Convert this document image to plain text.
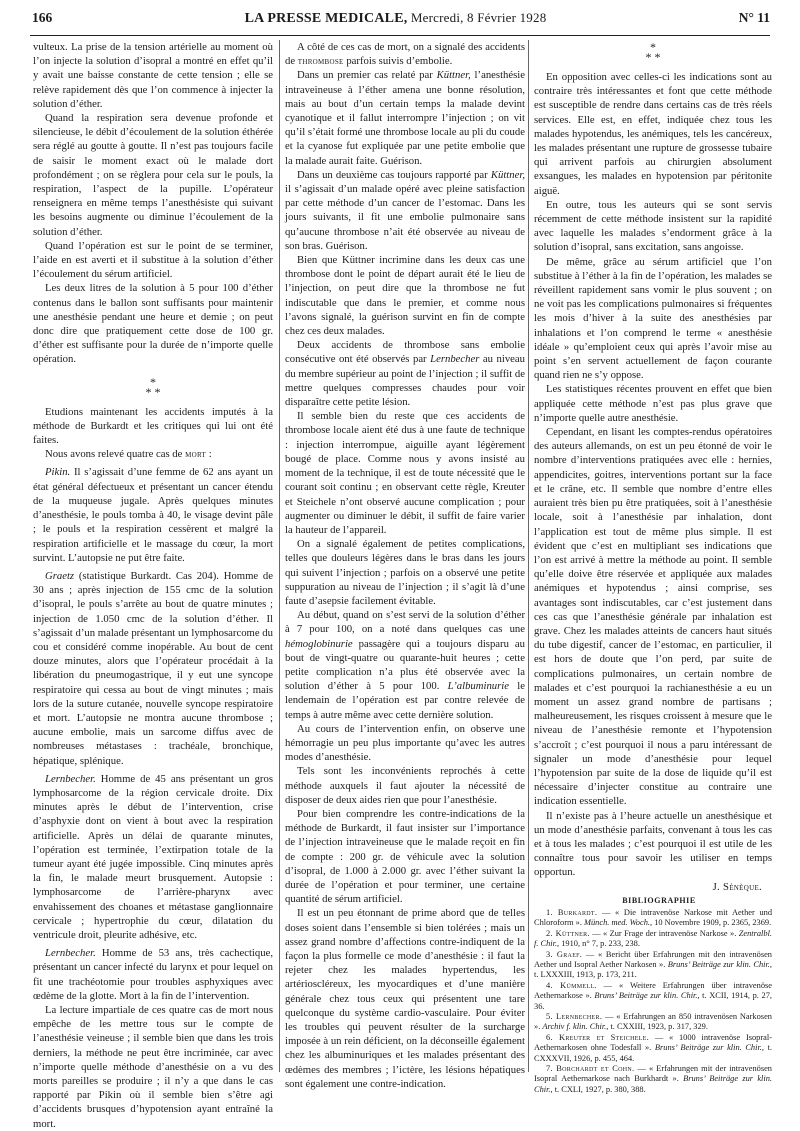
166	LA PRESSE MEDICALE, Mercredi, 8 Février 1928	N° 11

vulteux. La prise de la tension artérielle au moment où l’on injecte la solution d’isopral a montré en effet qu’il y avait une baisse constante de cette tension ; elle se relève rapidement dès que l’on commence à injecter la solution d’éther.

Quand la respiration sera devenue profonde et silencieuse, le débit d’écoulement de la solution éthérée sera réglé au goutte à goutte. Il n’est pas toujours facile de saisir le moment exact où le malade dort profondément ; on se règlera pour cela sur le pouls, la respiration, l’aspect de la pupille. L’opérateur renseignera en même temps l’anesthésiste qui suivant les besoins augmente ou diminue l’écoulement de la solution d’éther.

Quand l’opération est sur le point de se terminer, l’aide en est averti et il substitue à la solution d’éther l’écoulement du sérum artificiel.

Les deux litres de la solution à 5 pour 100 d’éther contenus dans le ballon sont suffisants pour maintenir une anesthésie pendant une heure et demie ; on peut donc dire que pratiquement cette dose de 100 gr. d’éther est suffisante pour la durée de n’importe quelle opération.

*
* *

Etudions maintenant les accidents imputés à la méthode de Burkardt et les critiques qui lui ont été faites.

Nous avons relevé quatre cas de mort :

Pikin. Il s’agissait d’une femme de 62 ans ayant un état général défectueux et présentant un cancer étendu de la muqueuse jugale. Après quelques minutes d’anesthésie, le pouls tomba à 40, le visage devint pâle ; le pouls et la respiration cessèrent et malgré la respiration artificielle et le massage du cœur, la mort survint. L’autopsie ne put être faite.

Graetz (statistique Burkardt. Cas 204). Homme de 30 ans ; après injection de 155 cmc de la solution d’isopral, le pouls s’arrête au bout de quatre minutes ; injection de 1.050 cmc de la solution d’éther. Il s’agissait d’un malade présentant un lymphosarcome du cou et considéré comme inopérable. Au bout de cent douze minutes, alors que l’opérateur procédait à la libération du pneumogastrique, il y eut une syncope respiratoire qui cessa au bout de vingt minutes ; mais lors de la suture cutanée, nouvelle syncope respiratoire et mort. L’autopsie ne montra aucune thrombose ; aucune embolie, mais un sarcome diffus avec de nombreuses métastases : trachéale, bronchique, hépatique, splénique.

Lernbecher. Homme de 45 ans présentant un gros lymphosarcome de la région cervicale droite. Dix minutes après le début de l’intervention, crise d’asphyxie dont on vient à bout avec la respiration artificielle. Après un délai de quarante minutes, l’opération est terminée, l’extirpation totale de la tumeur ayant été jugée impossible. Cinq minutes après la fin, le malade meurt brusquement. Autopsie : lymphosarcome de l’arrière-pharynx avec envahissement des choanes et métastase ganglionnaire cervicale ; hypertrophie du cœur, dilatation du ventricule droit, pleurite adhésive, etc.

Lernbecher. Homme de 53 ans, très cachectique, présentant un cancer infecté du larynx et pour lequel on fit une trachéotomie pour troubles asphyxiques avec œdème de la glotte. Mort à la fin de l’intervention.

La lecture impartiale de ces quatre cas de mort nous empêche de les mettre tous sur le compte de l’anesthésie veineuse ; il semble bien que dans les trois derniers, la méthode ne peut être incriminée, car avec n’importe quelle méthode d’anesthésie on a vu des morts pareilles se produire ; il n’y a que dans le cas rapporté par Pikin où il semble bien s’être agi d’accidents brusques d’hypotension ayant entraîné la mort.

A côté de ces cas de mort, on a signalé des accidents de thrombose parfois suivis d’embolie.

Dans un premier cas relaté par Küttner, l’anesthésie intraveineuse à l’éther amena une bonne résolution, mais au bout d’un certain temps la malade devint cyanotique et il fallut interrompre l’injection ; on vit qu’il s’était formé une thrombose locale au pli du coude et la cyanose fut expliquée par une petite embolie que la malade aurait faite. Guérison.

Dans un deuxième cas toujours rapporté par Küttner, il s’agissait d’un malade opéré avec pleine satisfaction par cette méthode d’un cancer de l’estomac. Dans les jours suivants, il fit une embolie pulmonaire sans qu’aucune thrombose n’ait été observée au niveau de son bras. Guérison.

Bien que Küttner incrimine dans les deux cas une thrombose dont le point de départ aurait été le lieu de l’injection, on peut dire que la thrombose ne fut indiscutable que dans le premier, et comme nous l’avons signalé, la guérison survint en fin de compte chez ces deux malades.

Deux accidents de thrombose sans embolie consécutive ont été observés par Lernbecher au niveau du membre supérieur au point de l’injection ; il suffit de mettre quelques compresses chaudes pour voir disparaître cette petite lésion.

Il semble bien du reste que ces accidents de thrombose locale aient été dus à une faute de technique : injection interrompue, aiguille ayant légèrement bougé de place. Comme nous y avons insisté au moment de la technique, il est de toute nécessité que le courant soit continu ; en observant cette règle, Kreuter et Steichele n’ont observé aucune complication ; pour augmenter ou diminuer le débit, il suffit de faire varier la hauteur de l’appareil.

On a signalé également de petites complications, telles que douleurs légères dans le bras dans les jours qui suivent l’injection ; parfois on a observé une petite suppuration au niveau de l’injection ; il s’agit là d’une faute d’asepsie facilement évitable.

Au début, quand on s’est servi de la solution d’éther à 7 pour 100, on a noté dans quelques cas une hémoglobinurie passagère qui a toujours disparu au bout de vingt-quatre ou quarante-huit heures ; cette petite complication n’a plus été observée avec la solution d’éther à 5 pour 100. L’albuminurie le lendemain de l’opération est par contre relevée de temps à autre même avec cette dernière solution.

Au cours de l’intervention enfin, on observe une hémorragie un peu plus importante qu’avec les autres modes d’anesthésie.

Tels sont les inconvénients reprochés à cette méthode auxquels il faut ajouter la nécessité de disposer de deux aides rien que pour l’anesthésie.

Pour bien comprendre les contre-indications de la méthode de Burkardt, il faut insister sur l’importance de l’injection intraveineuse que le malade reçoit en fin de compte : 200 gr. de véhicule avec la solution d’isopral, de 1.000 à 2.000 gr. avec l’éther suivant la durée de l’opération et pour terminer, une certaine quantité de sérum artificiel.

Il est un peu étonnant de prime abord que de telles doses soient dans l’ensemble si bien tolérées ; mais un assez grand nombre d’affections contre-indiquent de la façon la plus formelle ce mode d’anesthésie : il faut la rejeter chez les malades hypertendus, les artérioscléreux, les myocardiques et d’une manière générale chez tous ceux qui présentent une tare quelconque du système cardio-vasculaire. Pour éviter les troubles qui peuvent résulter de la surcharge imposée à un rein déficient, on la déconseille également chez les albuminuriques et les malades présentant des œdèmes des membres ; l’ictère, les lésions hépatiques sont également une contre-indication.

*
* *

En opposition avec celles-ci les indications sont au contraire très intéressantes et font que cette méthode est susceptible de rendre dans certains cas de très réels services. Elle est, en effet, indiquée chez tous les malades hypotendus, les anémiques, tels les cancéreux, les malades présentant une rupture de grossesse tubaire qui arrivent parfois au chirurgien absolument exsangues, les malades en hypotension par péritonite aiguë.

En outre, tous les auteurs qui se sont servis récemment de cette méthode insistent sur la rapidité avec laquelle les malades s’endorment grâce à la solution d’isopral, sans excitation, sans angoisse.

De même, grâce au sérum artificiel que l’on substitue à l’éther à la fin de l’opération, les malades se réveillent rapidement sans vomir le plus souvent ; on ne voit pas les complications pulmonaires si fréquentes les mois d’hiver à la suite des anesthésies par inhalations et l’on comprend le terme « anesthésie idéale » qu’emploient ceux qui après l’avoir mise au point s’en servent actuellement de façon courante quand rien ne s’y oppose.

Les statistiques récentes prouvent en effet que bien appliquée cette méthode n’est pas plus grave que n’importe quelle autre anesthésie.

Cependant, en lisant les comptes-rendus opératoires des auteurs allemands, on est un peu étonné de voir le nombre d’interventions pratiquées avec elle : hernies, appendicites, goitres, interventions portant sur la face et le crâne, etc. Il semble que nombre d’entre elles auraient très bien pu être pratiquées, soit à l’anesthésie locale, soit à l’anesthésie par inhalation, dont l’application est tout de même plus simple. Il est évident que c’est en multipliant ses indications que l’on est arrivé à mettre la méthode au point. Il semble qu’elle doive être réservée et appliquée aux malades anémiques et hypotendus ; ainsi comprise, ses avantages sont indiscutables, car c’est justement dans ces cas que l’anesthésie générale par inhalation est grave. Chez les malades atteints de cancers haut situés du tube digestif, cancer de l’estomac, en particulier, il est hors de doute que l’on perd, par suite de complications pulmonaires, un certain nombre de malades et c’est pourquoi la rachianesthésie a eu un moment un assez grand nombre de partisans ; malheureusement, les risques croissent à mesure que le niveau de l’anesthésie remonte et l’hypotension s’accroît ; c’est pourquoi il nous a paru intéressant de signaler un mode d’anesthésie pour lequel l’hypotension par suite de la dose de liquide qu’il est nécessaire d’injecter constitue au contraire une indication essentielle.

Il n’existe pas à l’heure actuelle un anesthésique et un mode d’anesthésie parfaits, convenant à tous les cas et à tous les malades ; c’est pourquoi il est utile de les connaître tous pour savoir les utiliser en temps opportun.

J. Sénèque.

BIBLIOGRAPHIE

1. Burkardt. — « Die intravenöse Narkose mit Aether und Chloroform ». Münch. med. Woch., 10 Novembre 1909, p. 2365, 2369.

2. Küttner. — « Zur Frage der intravenöse Narkose ». Zentralbl. f. Chir., 1910, n° 7, p. 233, 238.

3. Graef. — « Bericht über Erfahrungen mit den intravenösen Aether und Isopral Aether Narkosen ». Bruns’ Beiträge zur klin. Chir., t. LXXXIII, 1913, p. 173, 211.

4. Kümmell. — « Weitere Erfahrungen über intravenöse Aethernarkose ». Bruns’ Beiträge zur klin. Chir., t. XCII, 1914, p. 27, 36.

5. Lernbecher. — « Erfahrungen an 850 intravenösen Narkosen ». Archiv f. klin. Chir., t. CXXIII, 1923, p. 317, 329.

6. Kreuter et Steichele. — « 1000 intravenöse Isopral-Aethernarkosen ohne Todesfall ». Bruns’ Beiträge zur klin. Chir., t. CXXXVII, 1926, p. 455, 464.

7. Borchardt et Cohn. — « Erfahrungen mit der intravenösen Isopral Aethernarkose nach Burkhardt ». Bruns’ Beiträge zur klin. Chir., t. CXLI, 1927, p. 380, 388.
